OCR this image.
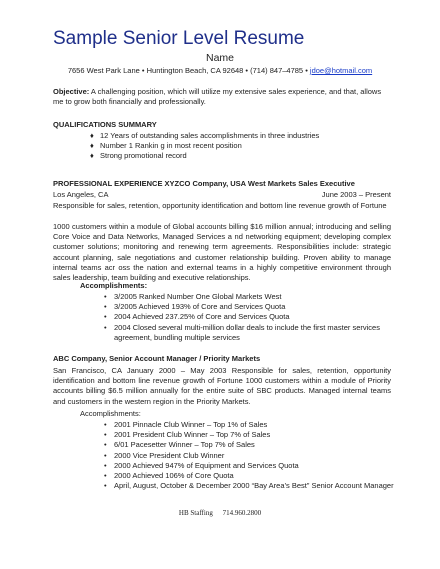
Sample Senior Level Resume
Name
7656 West Park Lane • Huntington Beach, CA 92648 • (714) 847–4785 • jdoe@hotmail.com
Objective: A challenging position, which will utilize my extensive sales experience, and that, allows me to grow both financially and professionally.
QUALIFICATIONS SUMMARY
♦ 12 Years of outstanding sales accomplishments in three industries
♦ Number 1 Rankin g in most recent position
♦ Strong promotional record
PROFESSIONAL EXPERIENCE XYZCO Company, USA West Markets Sales Executive
Los Angeles, CA	June 2003 – Present
Responsible for sales, retention, opportunity identification and bottom line revenue growth of Fortune
1000 customers within a module of Global accounts billing $16 million annual; introducing and selling Core Voice and Data Networks, Managed Services a nd networking equipment; developing complex customer solutions; monitoring and renewing term agreements. Responsibilities include: strategic account planning, sale negotiations and customer relationship building. Proven ability to manage internal teams acr oss the nation and external teams in a highly competitive environment through sales leadership, team building and executive relationships.
Accomplishments:
• 3/2005 Ranked Number One Global Markets West
• 3/2005 Achieved 193% of Core and Services Quota
• 2004 Achieved 237.25% of Core and Services Quota
• 2004 Closed several multi-million dollar deals to include the first master services agreement, bundling multiple services
ABC Company, Senior Account Manager / Priority Markets
San Francisco, CA January 2000 – May 2003 Responsible for sales, retention, opportunity identification and bottom line revenue growth of Fortune 1000 customers within a module of Priority accounts billing $6.5 million annually for the entire suite of SBC products. Managed internal teams and customers in the western region in the Priority Markets.
Accomplishments:
• 2001 Pinnacle Club Winner – Top 1% of Sales
• 2001 President Club Winner – Top 7% of Sales
• 6/01 Pacesetter Winner – Top 7% of Sales
• 2000 Vice President Club Winner
• 2000 Achieved 947% of Equipment and Services Quota
• 2000 Achieved 106% of Core Quota
• April, August, October & December 2000 “Bay Area’s Best” Senior Account Manager
HB Staffing 714.960.2800
